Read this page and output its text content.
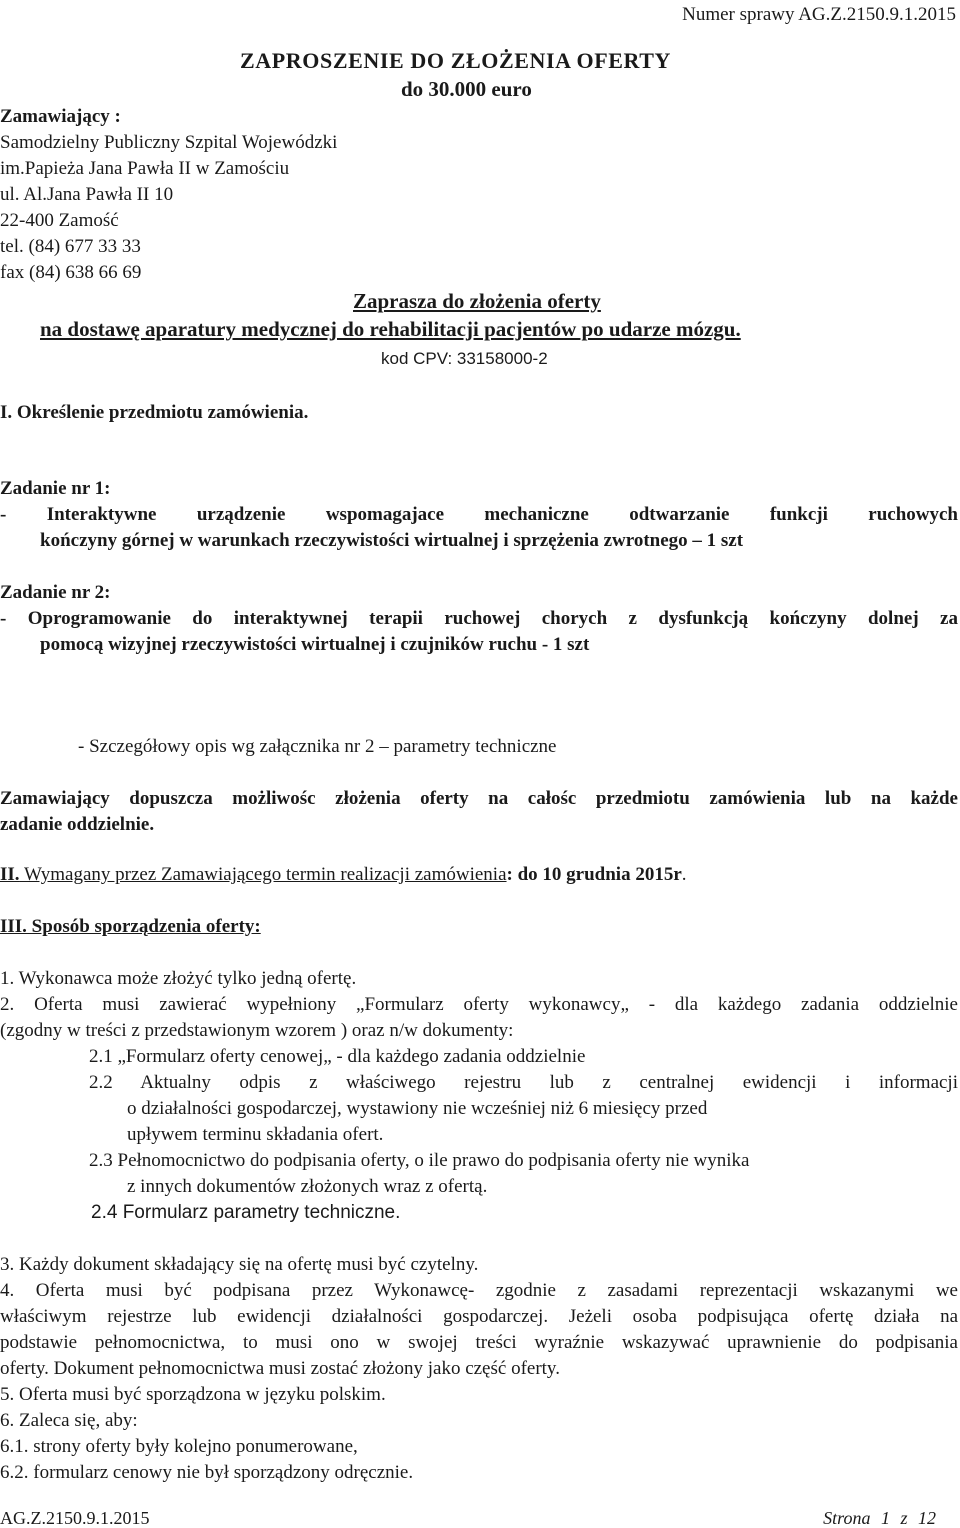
Numer sprawy AG.Z.2150.9.1.2015
ZAPROSZENIE DO ZŁOŻENIA OFERTY
do 30.000 euro
Zamawiający :
Samodzielny Publiczny Szpital Wojewódzki
im.Papieża Jana Pawła II w Zamościu
ul. Al.Jana Pawła II 10
22-400 Zamość
tel. (84) 677 33 33
fax (84) 638 66 69
Zaprasza do złożenia oferty
na dostawę aparatury medycznej do rehabilitacji pacjentów po udarze mózgu.
kod CPV: 33158000-2
I. Określenie przedmiotu zamówienia.
Zadanie nr 1:
- Interaktywne urządzenie wspomagajace mechaniczne odtwarzanie funkcji ruchowych
kończyny górnej w warunkach rzeczywistości wirtualnej i sprzężenia zwrotnego – 1 szt
Zadanie nr 2:
- Oprogramowanie do interaktywnej terapii ruchowej chorych z dysfunkcją kończyny dolnej za
pomocą wizyjnej rzeczywistości wirtualnej i czujników ruchu - 1 szt
- Szczegółowy opis wg załącznika nr 2 – parametry techniczne
Zamawiający dopuszcza możliwośc złożenia oferty na całośc przedmiotu zamówienia lub na każde
zadanie oddzielnie.
II. Wymagany przez Zamawiającego termin realizacji zamówienia: do 10 grudnia 2015r.
III. Sposób sporządzenia oferty:
1. Wykonawca może złożyć tylko jedną ofertę.
2. Oferta musi zawierać wypełniony „Formularz oferty wykonawcy„ - dla każdego zadania oddzielnie
(zgodny w treści z przedstawionym wzorem ) oraz n/w dokumenty:
2.1 „Formularz oferty cenowej„ - dla każdego zadania oddzielnie
2.2 Aktualny odpis z właściwego rejestru lub z centralnej ewidencji i informacji
o działalności gospodarczej, wystawiony nie wcześniej niż 6 miesięcy przed
upływem terminu składania ofert.
2.3 Pełnomocnictwo do podpisania oferty, o ile prawo do podpisania oferty nie wynika
z innych dokumentów złożonych wraz z ofertą.
2.4 Formularz parametry techniczne.
3. Każdy dokument składający się na ofertę musi być czytelny.
4. Oferta musi być podpisana przez Wykonawcę- zgodnie z zasadami reprezentacji wskazanymi we
właściwym rejestrze lub ewidencji działalności gospodarczej. Jeżeli osoba podpisująca ofertę działa na
podstawie pełnomocnictwa, to musi ono w swojej treści wyraźnie wskazywać uprawnienie do podpisania
oferty. Dokument pełnomocnictwa musi zostać złożony jako część oferty.
5. Oferta musi być sporządzona w języku polskim.
6. Zaleca się, aby:
6.1. strony oferty były kolejno ponumerowane,
6.2. formularz cenowy nie był sporządzony odręcznie.
AG.Z.2150.9.1.2015	Strona 1 z 12
